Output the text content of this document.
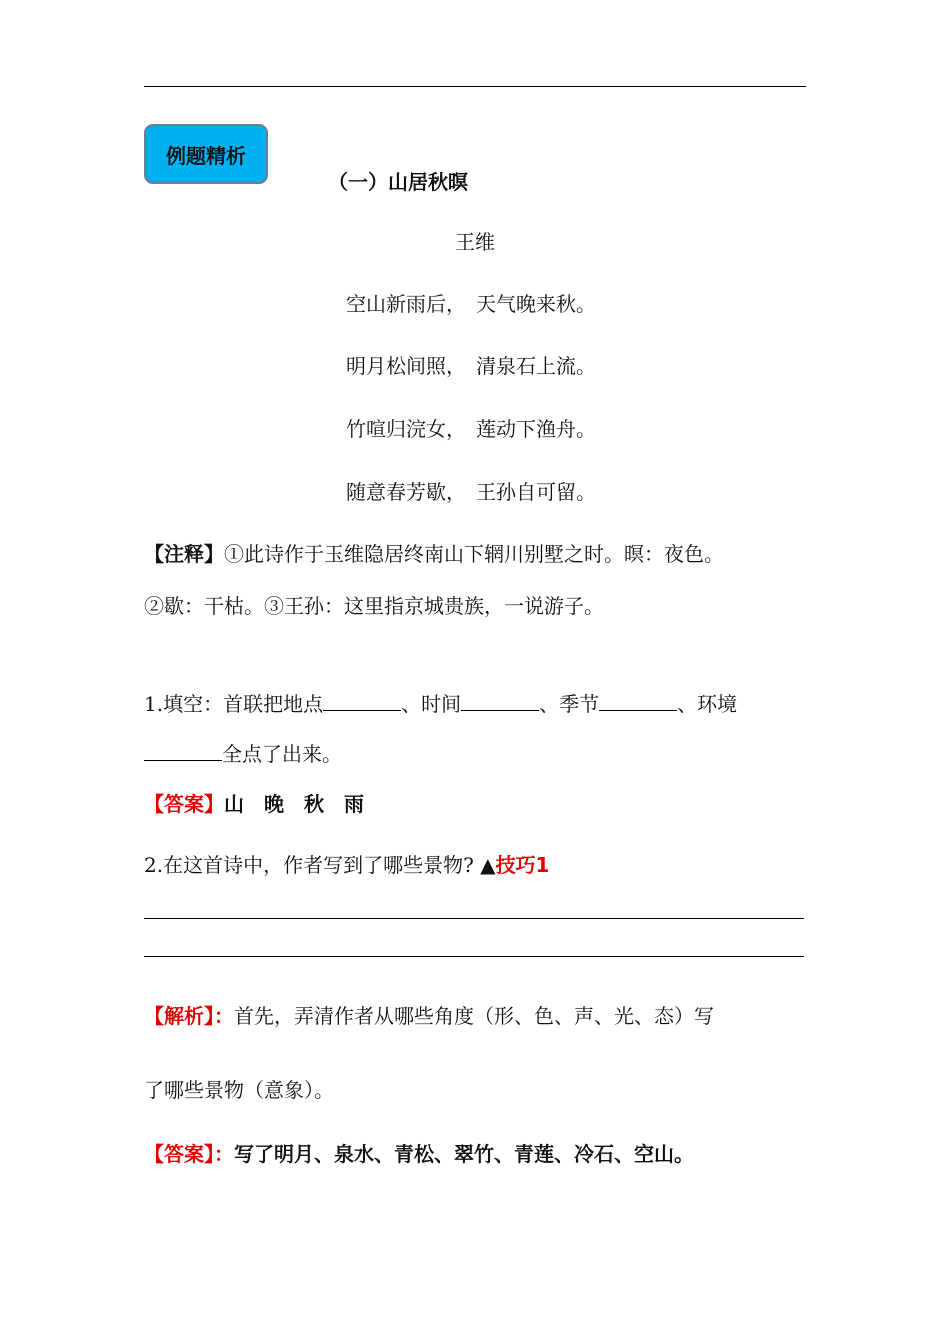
例题精析
（一）山居秋暝
王维
空山新雨后，　 天气晚来秋。
明月松间照，　 清泉石上流。
竹喧归浣女，　 莲动下渔舟。
随意春芳歇，　 王孙自可留。
【注释】①此诗作于玉维隐居终南山下辋川别墅之时。暝：夜色。
②歇：干枯。③王孙：这里指京城贵族，一说游子。
1.填空：首联把地点	、时间	、季节	、环境
全点了出来。
【答案】山　晚　秋　雨
2.在这首诗中，作者写到了哪些景物? ▲技巧1
【解析】：首先，弄清作者从哪些角度（形、色、声、光、态）写
了哪些景物（意象）。
【答案】：写了明月、泉水、青松、翠竹、青莲、冷石、空山。
